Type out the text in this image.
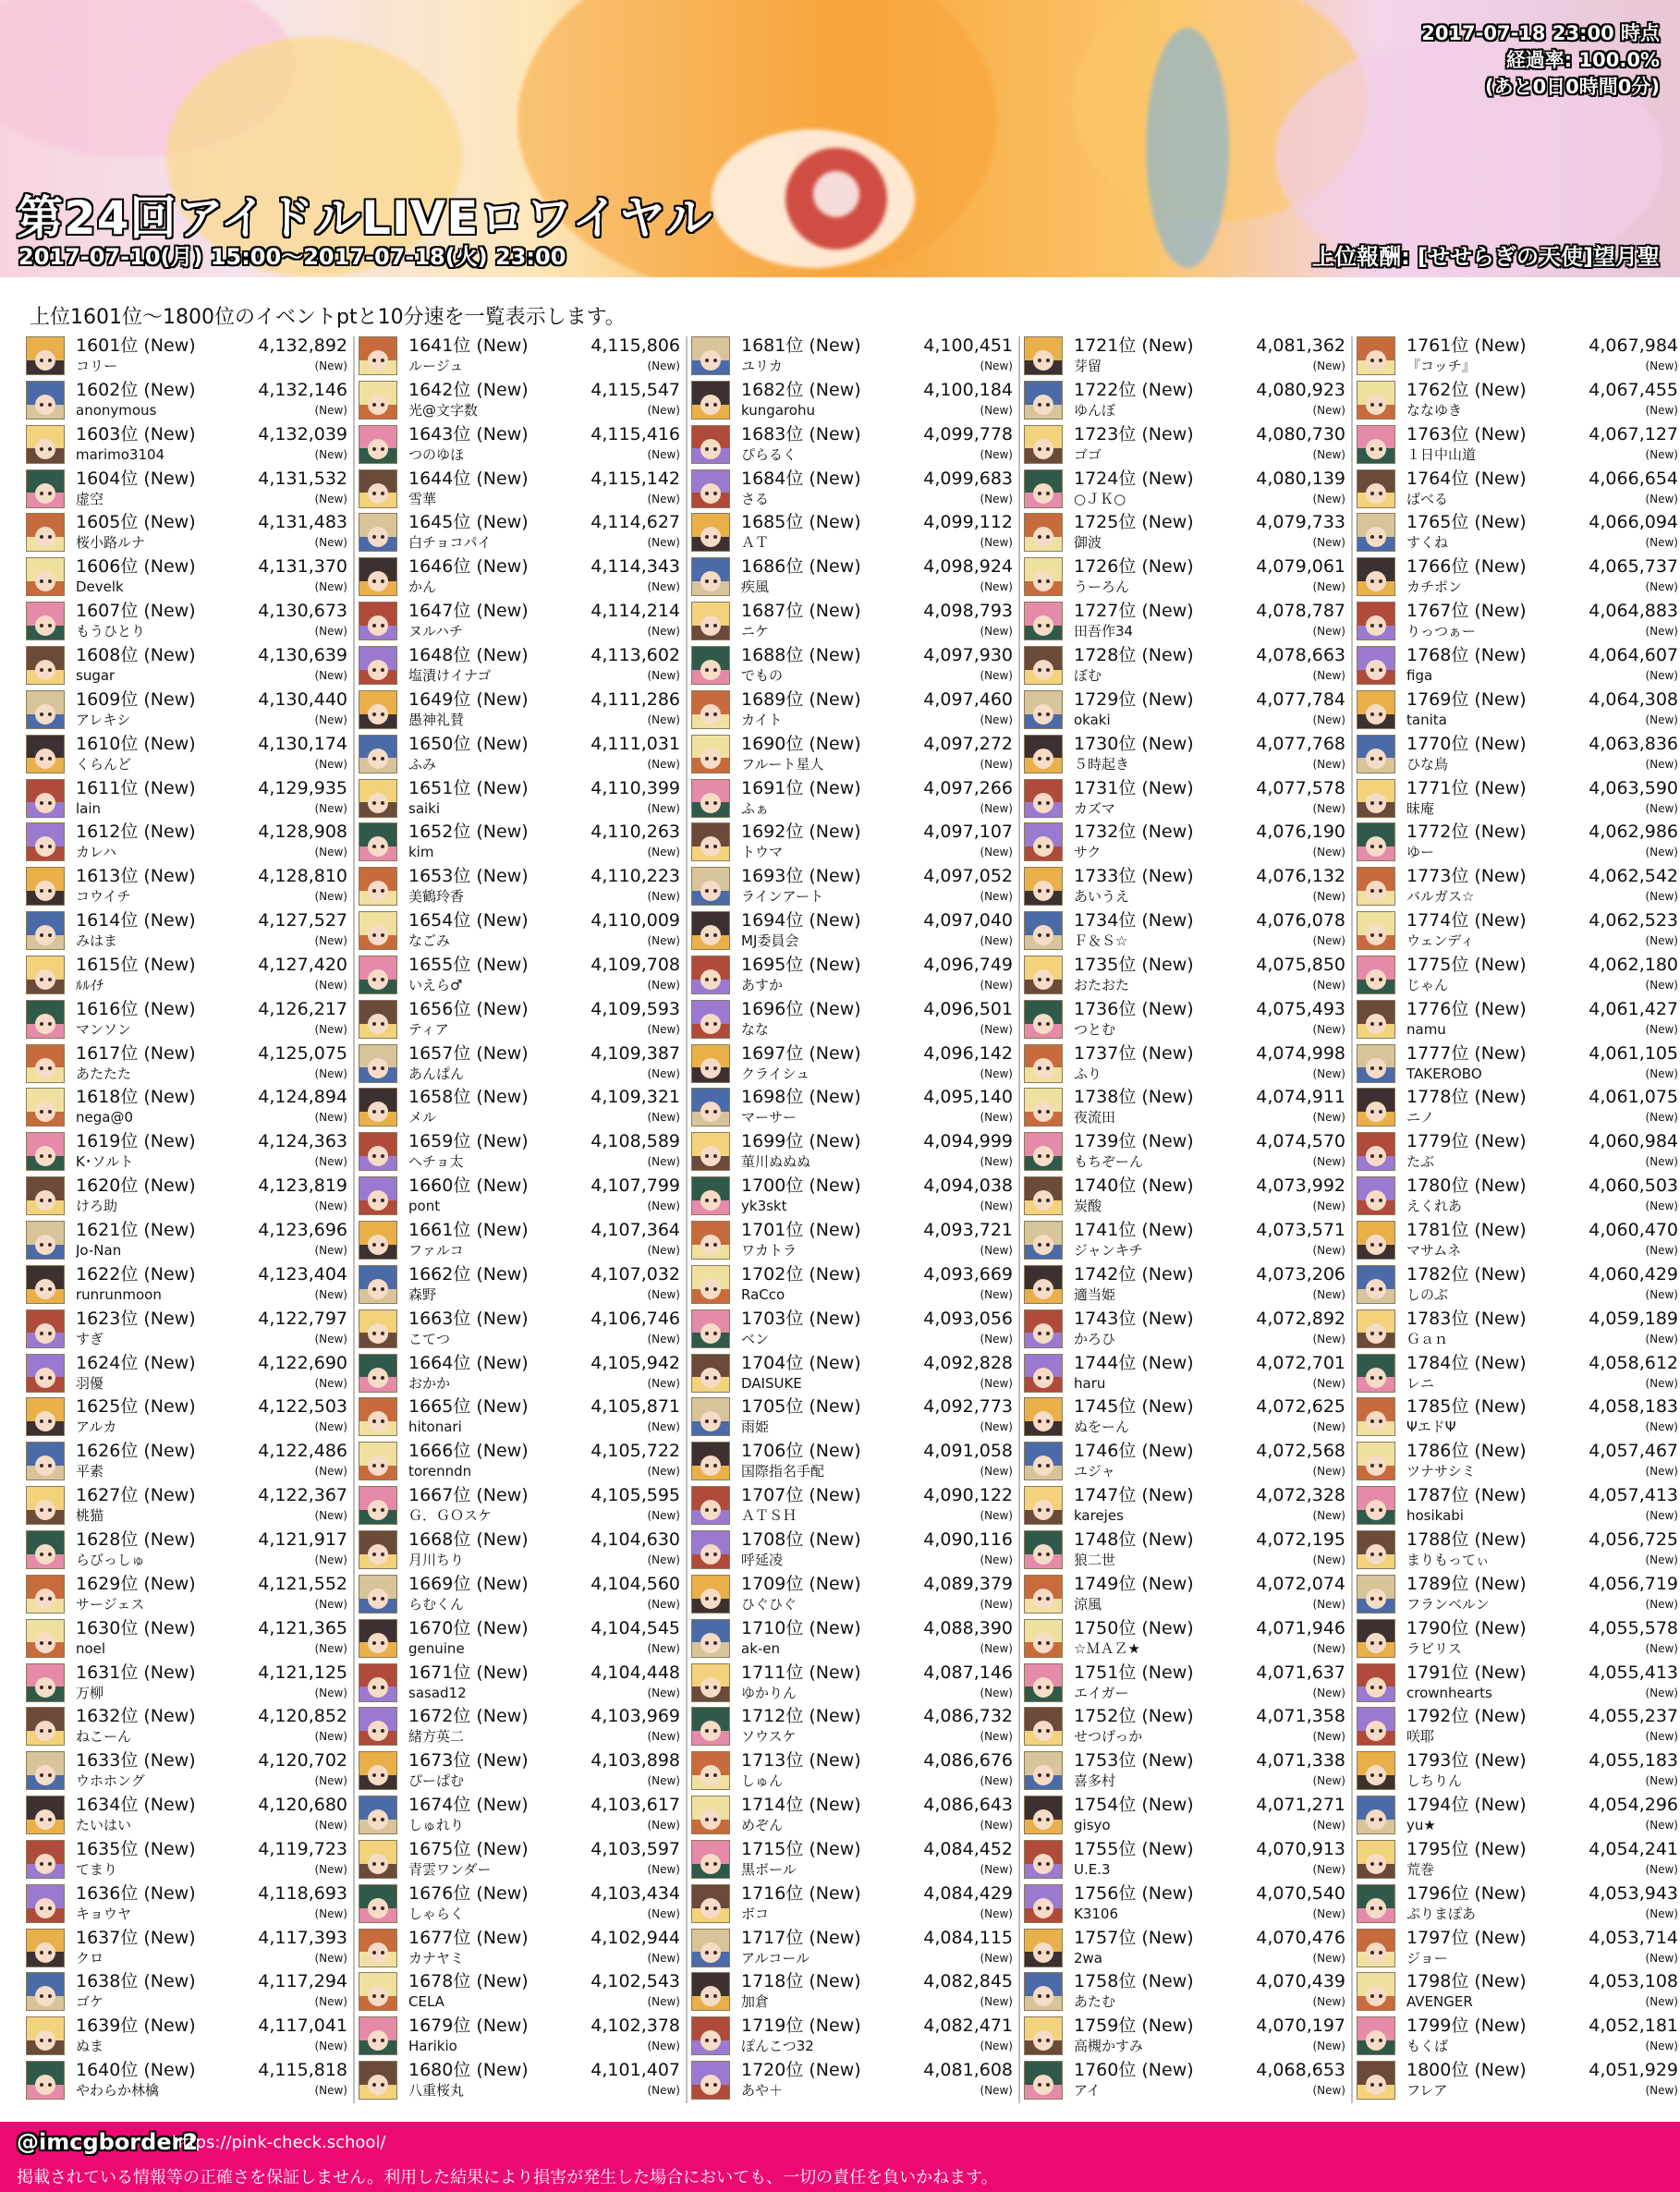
2017-07-18 23:00 時点
経過率: 100.0%
(あと0日0時間0分)
第24回アイドルLIVEロワイヤル
2017-07-10(月) 15:00～2017-07-18(火) 23:00	上位報酬: [せせらぎの天使]望月聖
上位1601位～1800位のイベントptと10分速を一覧表示します。
1601位 (New)	4,132,892
コリー	(New)
1602位 (New)	4,132,146
anonymous	(New)
1603位 (New)	4,132,039
marimo3104	(New)
1604位 (New)	4,131,532
虚空	(New)
1605位 (New)	4,131,483
桜小路ルナ	(New)
1606位 (New)	4,131,370
Develk	(New)
1607位 (New)	4,130,673
もうひとり	(New)
1608位 (New)	4,130,639
sugar	(New)
1609位 (New)	4,130,440
アレキシ	(New)
1610位 (New)	4,130,174
くらんど	(New)
1611位 (New)	4,129,935
lain	(New)
1612位 (New)	4,128,908
カレハ	(New)
1613位 (New)	4,128,810
コウイチ	(New)
1614位 (New)	4,127,527
みはま	(New)
1615位 (New)	4,127,420
ﾙﾙｲﾁ	(New)
1616位 (New)	4,126,217
マンソン	(New)
1617位 (New)	4,125,075
あたたた	(New)
1618位 (New)	4,124,894
nega@0	(New)
1619位 (New)	4,124,363
K･ソルト	(New)
1620位 (New)	4,123,819
けろ助	(New)
1621位 (New)	4,123,696
Jo-Nan	(New)
1622位 (New)	4,123,404
runrunmoon	(New)
1623位 (New)	4,122,797
すぎ	(New)
1624位 (New)	4,122,690
羽優	(New)
1625位 (New)	4,122,503
アルカ	(New)
1626位 (New)	4,122,486
平素	(New)
1627位 (New)	4,122,367
桃猫	(New)
1628位 (New)	4,121,917
らびっしゅ	(New)
1629位 (New)	4,121,552
サージェス	(New)
1630位 (New)	4,121,365
noel	(New)
1631位 (New)	4,121,125
万柳	(New)
1632位 (New)	4,120,852
ねこーん	(New)
1633位 (New)	4,120,702
ウホホング	(New)
1634位 (New)	4,120,680
たいはい	(New)
1635位 (New)	4,119,723
てまり	(New)
1636位 (New)	4,118,693
キョウヤ	(New)
1637位 (New)	4,117,393
クロ	(New)
1638位 (New)	4,117,294
ゴケ	(New)
1639位 (New)	4,117,041
ぬま	(New)
1640位 (New)	4,115,818
やわらか林檎	(New)
1641位 (New)	4,115,806
ルージュ	(New)
1642位 (New)	4,115,547
光@文字数	(New)
1643位 (New)	4,115,416
つのゆほ	(New)
1644位 (New)	4,115,142
雪華	(New)
1645位 (New)	4,114,627
白チョコパイ	(New)
1646位 (New)	4,114,343
かん	(New)
1647位 (New)	4,114,214
ヌルハチ	(New)
1648位 (New)	4,113,602
塩漬けイナゴ	(New)
1649位 (New)	4,111,286
愚神礼賛	(New)
1650位 (New)	4,111,031
ふみ	(New)
1651位 (New)	4,110,399
saiki	(New)
1652位 (New)	4,110,263
kim	(New)
1653位 (New)	4,110,223
美鶴玲香	(New)
1654位 (New)	4,110,009
なごみ	(New)
1655位 (New)	4,109,708
いえら♂	(New)
1656位 (New)	4,109,593
ティア	(New)
1657位 (New)	4,109,387
あんぱん	(New)
1658位 (New)	4,109,321
メル	(New)
1659位 (New)	4,108,589
ヘチョ太	(New)
1660位 (New)	4,107,799
pont	(New)
1661位 (New)	4,107,364
ファルコ	(New)
1662位 (New)	4,107,032
森野	(New)
1663位 (New)	4,106,746
こてつ	(New)
1664位 (New)	4,105,942
おかか	(New)
1665位 (New)	4,105,871
hitonari	(New)
1666位 (New)	4,105,722
torenndn	(New)
1667位 (New)	4,105,595
Ｇ．ＧＯスケ	(New)
1668位 (New)	4,104,630
月川ちり	(New)
1669位 (New)	4,104,560
らむくん	(New)
1670位 (New)	4,104,545
genuine	(New)
1671位 (New)	4,104,448
sasad12	(New)
1672位 (New)	4,103,969
緒方英二	(New)
1673位 (New)	4,103,898
ぴーぱむ	(New)
1674位 (New)	4,103,617
しゅれり	(New)
1675位 (New)	4,103,597
青雲ワンダー	(New)
1676位 (New)	4,103,434
しゃらく	(New)
1677位 (New)	4,102,944
カナヤミ	(New)
1678位 (New)	4,102,543
CELA	(New)
1679位 (New)	4,102,378
Harikio	(New)
1680位 (New)	4,101,407
八重桜丸	(New)
1681位 (New)	4,100,451
ユリカ	(New)
1682位 (New)	4,100,184
kungarohu	(New)
1683位 (New)	4,099,778
ぴらるく	(New)
1684位 (New)	4,099,683
さる	(New)
1685位 (New)	4,099,112
ＡＴ	(New)
1686位 (New)	4,098,924
疾風	(New)
1687位 (New)	4,098,793
ニケ	(New)
1688位 (New)	4,097,930
でもの	(New)
1689位 (New)	4,097,460
カイト	(New)
1690位 (New)	4,097,272
フルート星人	(New)
1691位 (New)	4,097,266
ふぁ	(New)
1692位 (New)	4,097,107
トウマ	(New)
1693位 (New)	4,097,052
ラインアート	(New)
1694位 (New)	4,097,040
MJ委員会	(New)
1695位 (New)	4,096,749
あすか	(New)
1696位 (New)	4,096,501
なな	(New)
1697位 (New)	4,096,142
クライシュ	(New)
1698位 (New)	4,095,140
マーサー	(New)
1699位 (New)	4,094,999
菫川ぬぬぬ	(New)
1700位 (New)	4,094,038
yk3skt	(New)
1701位 (New)	4,093,721
ワカトラ	(New)
1702位 (New)	4,093,669
RaCco	(New)
1703位 (New)	4,093,056
ベン	(New)
1704位 (New)	4,092,828
DAISUKE	(New)
1705位 (New)	4,092,773
雨姫	(New)
1706位 (New)	4,091,058
国際指名手配	(New)
1707位 (New)	4,090,122
ＡＴＳＨ	(New)
1708位 (New)	4,090,116
呼延凌	(New)
1709位 (New)	4,089,379
ひぐひぐ	(New)
1710位 (New)	4,088,390
ak-en	(New)
1711位 (New)	4,087,146
ゆかりん	(New)
1712位 (New)	4,086,732
ソウスケ	(New)
1713位 (New)	4,086,676
しゅん	(New)
1714位 (New)	4,086,643
めぞん	(New)
1715位 (New)	4,084,452
黒ボール	(New)
1716位 (New)	4,084,429
ボコ	(New)
1717位 (New)	4,084,115
アルコール	(New)
1718位 (New)	4,082,845
加倉	(New)
1719位 (New)	4,082,471
ぽんこつ32	(New)
1720位 (New)	4,081,608
あや＋	(New)
1721位 (New)	4,081,362
芽留	(New)
1722位 (New)	4,080,923
ゆんぼ	(New)
1723位 (New)	4,080,730
ゴゴ	(New)
1724位 (New)	4,080,139
○ＪＫ○	(New)
1725位 (New)	4,079,733
御波	(New)
1726位 (New)	4,079,061
うーろん	(New)
1727位 (New)	4,078,787
田吾作34	(New)
1728位 (New)	4,078,663
ぼむ	(New)
1729位 (New)	4,077,784
okaki	(New)
1730位 (New)	4,077,768
５時起き	(New)
1731位 (New)	4,077,578
カズマ	(New)
1732位 (New)	4,076,190
サク	(New)
1733位 (New)	4,076,132
あいうえ	(New)
1734位 (New)	4,076,078
Ｆ＆Ｓ☆	(New)
1735位 (New)	4,075,850
おたおた	(New)
1736位 (New)	4,075,493
つとむ	(New)
1737位 (New)	4,074,998
ふり	(New)
1738位 (New)	4,074,911
夜流田	(New)
1739位 (New)	4,074,570
もちぞーん	(New)
1740位 (New)	4,073,992
炭酸	(New)
1741位 (New)	4,073,571
ジャンキチ	(New)
1742位 (New)	4,073,206
適当姫	(New)
1743位 (New)	4,072,892
かろひ	(New)
1744位 (New)	4,072,701
haru	(New)
1745位 (New)	4,072,625
ぬをーん	(New)
1746位 (New)	4,072,568
ユジャ	(New)
1747位 (New)	4,072,328
karejes	(New)
1748位 (New)	4,072,195
狼二世	(New)
1749位 (New)	4,072,074
涼風	(New)
1750位 (New)	4,071,946
☆ＭＡＺ★	(New)
1751位 (New)	4,071,637
エイガー	(New)
1752位 (New)	4,071,358
せつげっか	(New)
1753位 (New)	4,071,338
喜多村	(New)
1754位 (New)	4,071,271
gisyo	(New)
1755位 (New)	4,070,913
U.E.3	(New)
1756位 (New)	4,070,540
K3106	(New)
1757位 (New)	4,070,476
2wa	(New)
1758位 (New)	4,070,439
あたむ	(New)
1759位 (New)	4,070,197
高槻かすみ	(New)
1760位 (New)	4,068,653
アイ	(New)
1761位 (New)	4,067,984
『コッチ』	(New)
1762位 (New)	4,067,455
ななゆき	(New)
1763位 (New)	4,067,127
１日中山道	(New)
1764位 (New)	4,066,654
ばべる	(New)
1765位 (New)	4,066,094
すくね	(New)
1766位 (New)	4,065,737
カチポン	(New)
1767位 (New)	4,064,883
りっつぁー	(New)
1768位 (New)	4,064,607
figa	(New)
1769位 (New)	4,064,308
tanita	(New)
1770位 (New)	4,063,836
ひな鳥	(New)
1771位 (New)	4,063,590
昧庵	(New)
1772位 (New)	4,062,986
ゆー	(New)
1773位 (New)	4,062,542
バルガス☆	(New)
1774位 (New)	4,062,523
ウェンディ	(New)
1775位 (New)	4,062,180
じゃん	(New)
1776位 (New)	4,061,427
namu	(New)
1777位 (New)	4,061,105
TAKEROBO	(New)
1778位 (New)	4,061,075
ニノ	(New)
1779位 (New)	4,060,984
たぶ	(New)
1780位 (New)	4,060,503
えくれあ	(New)
1781位 (New)	4,060,470
マサムネ	(New)
1782位 (New)	4,060,429
しのぶ	(New)
1783位 (New)	4,059,189
Ｇａｎ	(New)
1784位 (New)	4,058,612
レニ	(New)
1785位 (New)	4,058,183
ΨエドΨ	(New)
1786位 (New)	4,057,467
ツナサシミ	(New)
1787位 (New)	4,057,413
hosikabi	(New)
1788位 (New)	4,056,725
まりもってぃ	(New)
1789位 (New)	4,056,719
フランベルン	(New)
1790位 (New)	4,055,578
ラビリス	(New)
1791位 (New)	4,055,413
crownhearts	(New)
1792位 (New)	4,055,237
咲耶	(New)
1793位 (New)	4,055,183
しちりん	(New)
1794位 (New)	4,054,296
yu★	(New)
1795位 (New)	4,054,241
荒巻	(New)
1796位 (New)	4,053,943
ぷりまぽあ	(New)
1797位 (New)	4,053,714
ジョー	(New)
1798位 (New)	4,053,108
AVENGER	(New)
1799位 (New)	4,052,181
もくば	(New)
1800位 (New)	4,051,929
フレア	(New)
@imcgborder2
https://pink-check.school/
掲載されている情報等の正確さを保証しません。利用した結果により損害が発生した場合においても、一切の責任を負いかねます。
